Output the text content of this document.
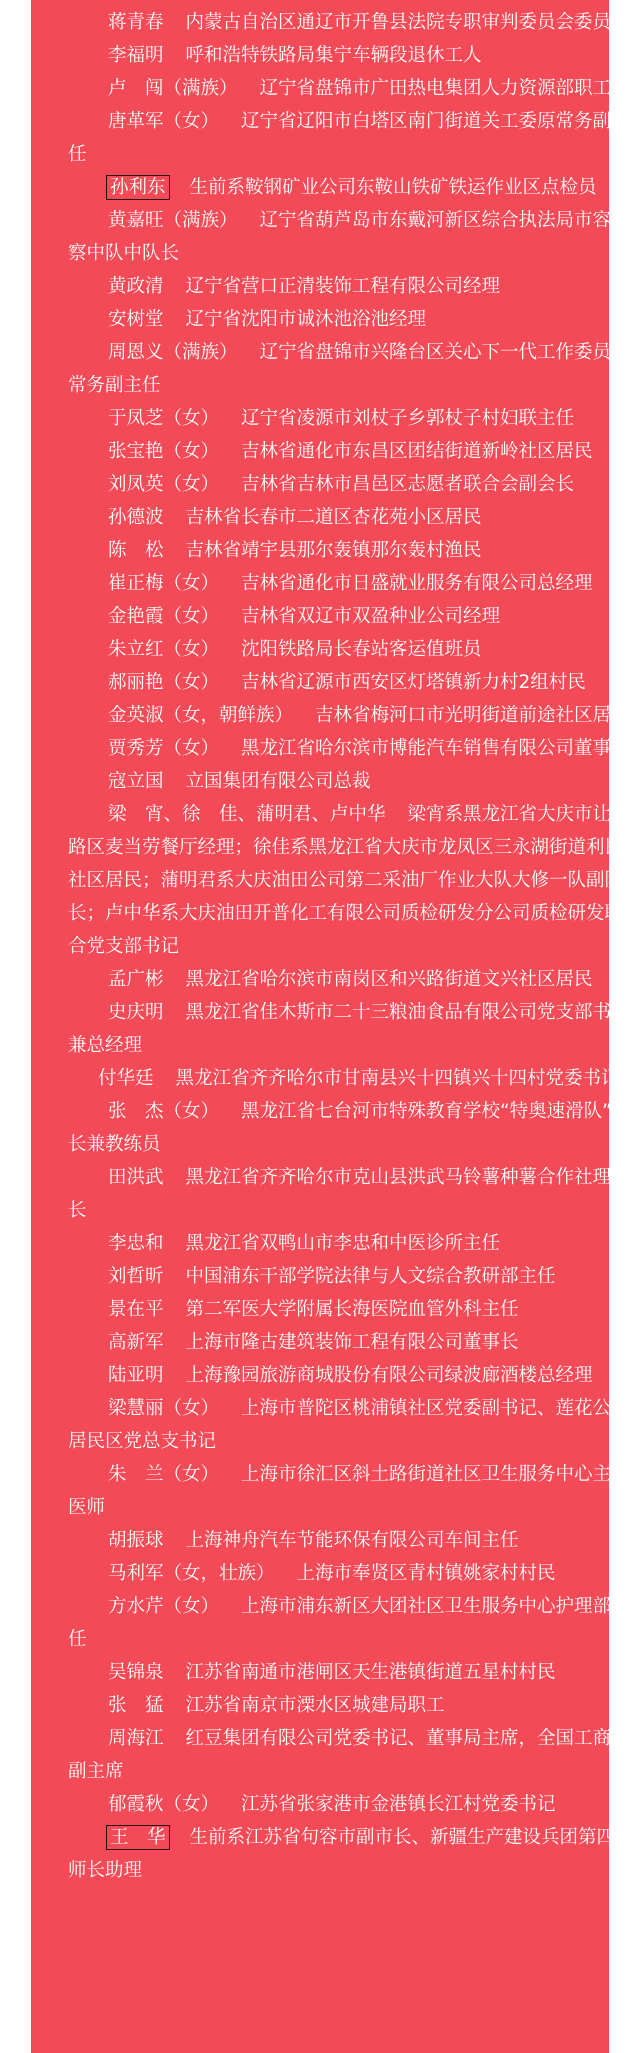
蒋青春 内蒙古自治区通辽市开鲁县法院专职审判委员会委员

李福明 呼和浩特铁路局集宁车辆段退休工人

卢　闯（满族） 辽宁省盘锦市广田热电集团人力资源部职工

唐革军（女） 辽宁省辽阳市白塔区南门街道关工委原常务副主任

孙利东 生前系鞍钢矿业公司东鞍山铁矿铁运作业区点检员

黄嘉旺（满族） 辽宁省葫芦岛市东戴河新区综合执法局市容监察中队中队长

黄政清 辽宁省营口正清装饰工程有限公司经理

安树堂 辽宁省沈阳市诚沐池浴池经理

周恩义（满族） 辽宁省盘锦市兴隆台区关心下一代工作委员会常务副主任

于凤芝（女） 辽宁省凌源市刘杖子乡郭杖子村妇联主任

张宝艳（女） 吉林省通化市东昌区团结街道新岭社区居民

刘凤英（女） 吉林省吉林市昌邑区志愿者联合会副会长

孙德波 吉林省长春市二道区杏花苑小区居民

陈　松 吉林省靖宇县那尔轰镇那尔轰村渔民

崔正梅（女） 吉林省通化市日盛就业服务有限公司总经理

金艳霞（女） 吉林省双辽市双盈种业公司经理

朱立红（女） 沈阳铁路局长春站客运值班员

郝丽艳（女） 吉林省辽源市西安区灯塔镇新力村2组村民

金英淑（女，朝鲜族） 吉林省梅河口市光明街道前途社区居民

贾秀芳（女） 黑龙江省哈尔滨市博能汽车销售有限公司董事长

寇立国 立国集团有限公司总裁

梁　宵、徐　佳、蒲明君、卢中华 梁宵系黑龙江省大庆市让胡路区麦当劳餐厅经理；徐佳系黑龙江省大庆市龙凤区三永湖街道利民社区居民；蒲明君系大庆油田公司第二采油厂作业大队大修一队副队长；卢中华系大庆油田开普化工有限公司质检研发分公司质检研发联合党支部书记

孟广彬 黑龙江省哈尔滨市南岗区和兴路街道文兴社区居民

史庆明 黑龙江省佳木斯市二十三粮油食品有限公司党支部书记兼总经理

付华廷 黑龙江省齐齐哈尔市甘南县兴十四镇兴十四村党委书记

张　杰（女） 黑龙江省七台河市特殊教育学校“特奥速滑队”队长兼教练员

田洪武 黑龙江省齐齐哈尔市克山县洪武马铃薯种薯合作社理事长

李忠和 黑龙江省双鸭山市李忠和中医诊所主任

刘哲昕 中国浦东干部学院法律与人文综合教研部主任

景在平 第二军医大学附属长海医院血管外科主任

高新军 上海市隆古建筑装饰工程有限公司董事长

陆亚明 上海豫园旅游商城股份有限公司绿波廊酒楼总经理

梁慧丽（女） 上海市普陀区桃浦镇社区党委副书记、莲花公寓居民区党总支书记

朱　兰（女） 上海市徐汇区斜土路街道社区卫生服务中心主任医师

胡振球 上海神舟汽车节能环保有限公司车间主任

马利军（女，壮族） 上海市奉贤区青村镇姚家村村民

方水芹（女） 上海市浦东新区大团社区卫生服务中心护理部主任

吴锦泉 江苏省南通市港闸区天生港镇街道五星村村民

张　猛 江苏省南京市溧水区城建局职工

周海江 红豆集团有限公司党委书记、董事局主席，全国工商联副主席

郁霞秋（女） 江苏省张家港市金港镇长江村党委书记

王　华 生前系江苏省句容市副市长、新疆生产建设兵团第四师师长助理
